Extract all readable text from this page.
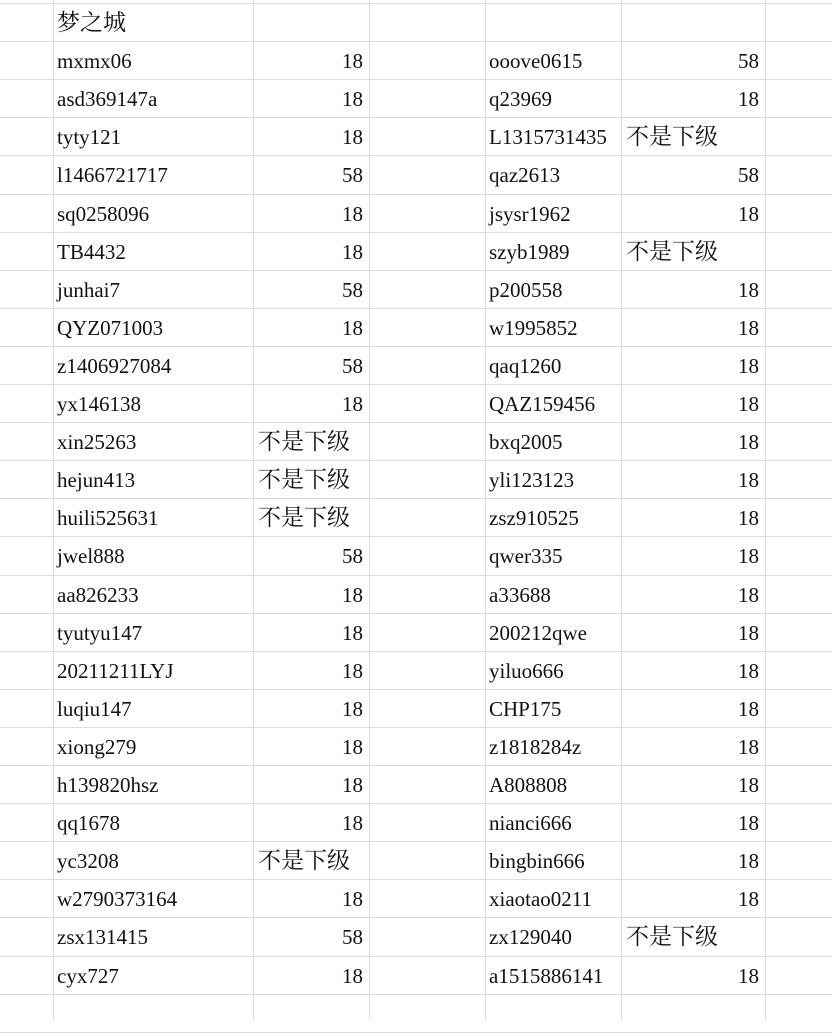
梦之城
mxmx06	18
asd369147a	18
tyty121	18
l1466721717	58
sq0258096	18
TB4432	18
junhai7	58
QYZ071003	18
z1406927084	58
yx146138	18
xin25263	不是下级
hejun413	不是下级
huili525631	不是下级
jwel888	58
aa826233	18
tyutyu147	18
20211211LYJ	18
luqiu147	18
xiong279	18
h139820hsz	18
qq1678	18
yc3208	不是下级
w2790373164	18
zsx131415	58
cyx727	18
ooove0615	58
q23969	18
L1315731435 不是下级
qaz2613	58
jsysr1962	18
szyb1989	不是下级
p200558	18
w1995852	18
qaq1260	18
QAZ159456	18
bxq2005	18
yli123123	18
zsz910525	18
qwer335	18
a33688	18
200212qwe	18
yiluo666	18
CHP175	18
z1818284z	18
A808808	18
nianci666	18
bingbin666	18
xiaotao0211	18
zx129040	不是下级
a1515886141	18
